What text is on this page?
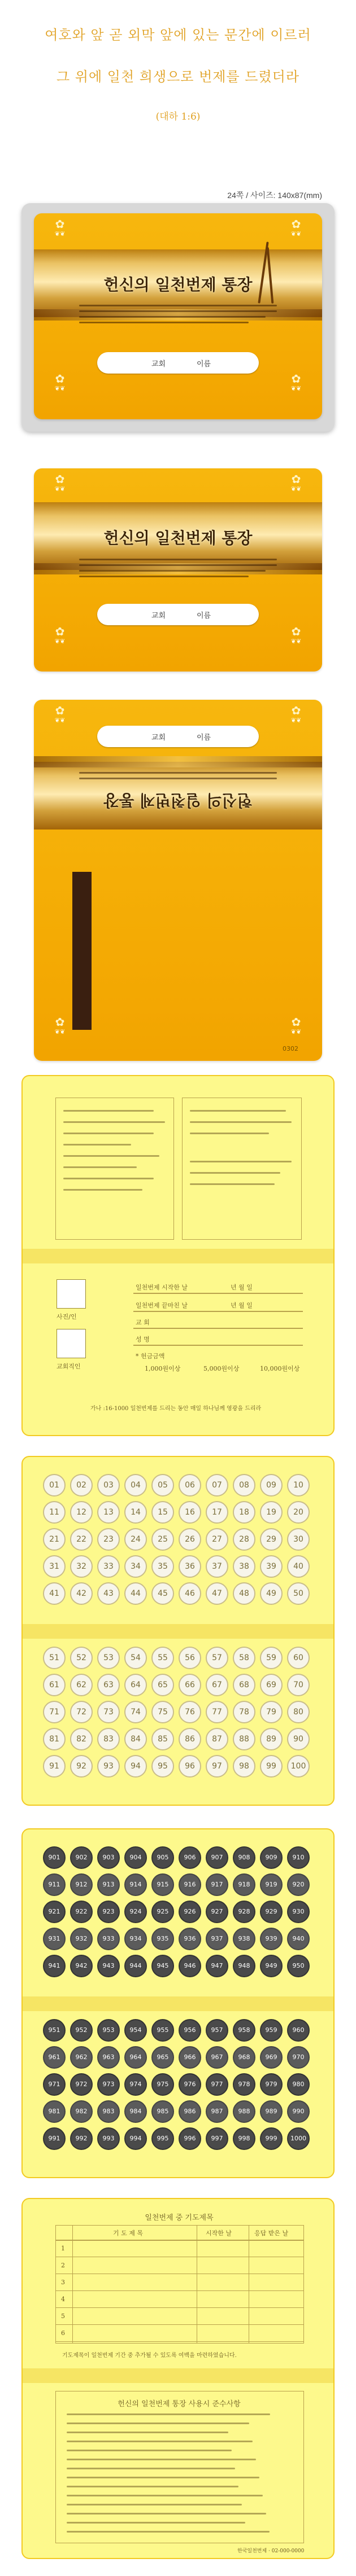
여호와 앞 곧 외막 앞에 있는 문간에 이르러
그 위에 일천 희생으로 번제를 드렸더라
(대하 1:6)
24쪽 / 사이즈: 140x87(mm)
헌신의 일천번제 통장
교회	이름
✿
❦❦
✿
❦❦
✿
❦❦
✿
❦❦
헌신의 일천번제 통장
교회	이름
✿
❦❦
✿
❦❦
✿
❦❦
✿
❦❦
교회	이름
헌신의 일천번제 통장
0302
✿
❦❦
✿
❦❦
✿
❦❦
✿
❦❦
사진/인
교회직인
일천번제 시작한 날	년 월 일
일천번제 끝마친 날	년 월 일
교 회
성 명
* 헌금금액
1,000원이상	5,000원이상	10,000원이상
가나 :16-1000 일천번제를 드리는 동안 매일 하나님께 영광을 드리라
01	02	03	04	05	06	07	08	09	10
11	12	13	14	15	16	17	18	19	20
21	22	23	24	25	26	27	28	29	30
31	32	33	34	35	36	37	38	39	40
41	42	43	44	45	46	47	48	49	50
51	52	53	54	55	56	57	58	59	60
61	62	63	64	65	66	67	68	69	70
71	72	73	74	75	76	77	78	79	80
81	82	83	84	85	86	87	88	89	90
91	92	93	94	95	96	97	98	99	100
901	902	903	904	905	906	907	908	909	910
911	912	913	914	915	916	917	918	919	920
921	922	923	924	925	926	927	928	929	930
931	932	933	934	935	936	937	938	939	940
941	942	943	944	945	946	947	948	949	950
951	952	953	954	955	956	957	958	959	960
961	962	963	964	965	966	967	968	969	970
971	972	973	974	975	976	977	978	979	980
981	982	983	984	985	986	987	988	989	990
991	992	993	994	995	996	997	998	999	1000
일천번제 중 기도제목
기 도 제 목	시작한 날	응답 받은 날
1
2
3
4
5
6
기도제목이 일천번제 기간 중 추가될 수 있도록 여백을 마련하였습니다.
헌신의 일천번제 통장 사용시 준수사항
한국일천번제 · 02-000-0000
